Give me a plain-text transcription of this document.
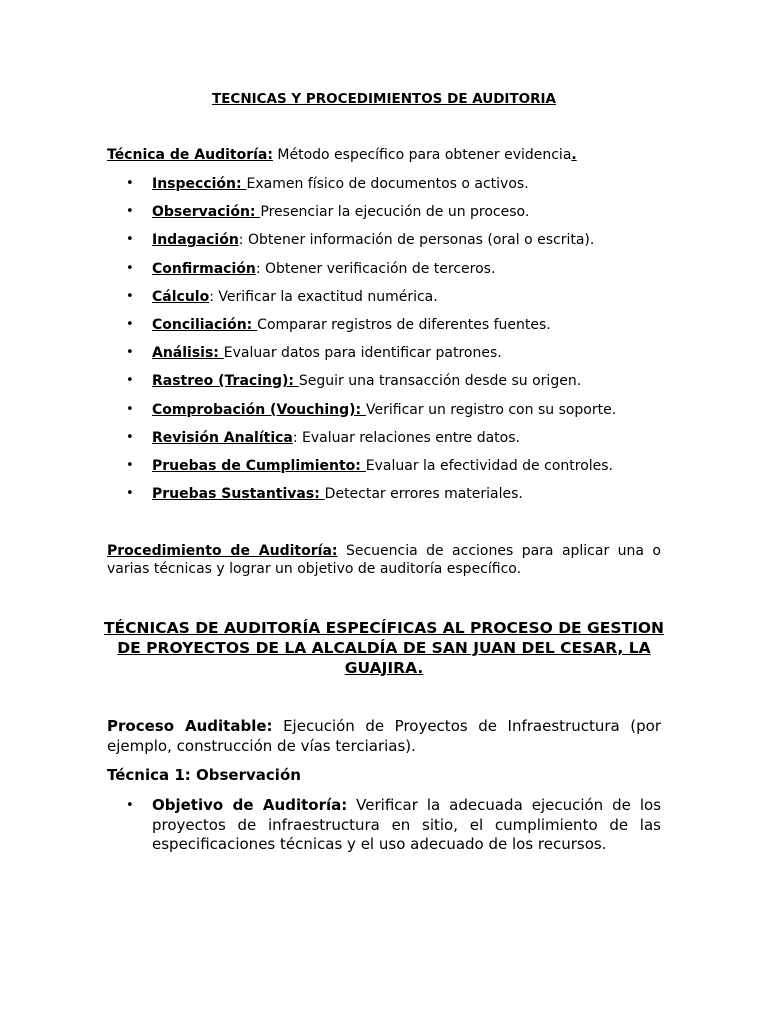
TECNICAS Y PROCEDIMIENTOS DE AUDITORIA

Técnica de Auditoría: Método específico para obtener evidencia.

• Inspección: Examen físico de documentos o activos.
• Observación: Presenciar la ejecución de un proceso.
• Indagación: Obtener información de personas (oral o escrita).
• Confirmación: Obtener verificación de terceros.
• Cálculo: Verificar la exactitud numérica.
• Conciliación: Comparar registros de diferentes fuentes.
• Análisis: Evaluar datos para identificar patrones.
• Rastreo (Tracing): Seguir una transacción desde su origen.
• Comprobación (Vouching): Verificar un registro con su soporte.
• Revisión Analítica: Evaluar relaciones entre datos.
• Pruebas de Cumplimiento: Evaluar la efectividad de controles.
• Pruebas Sustantivas: Detectar errores materiales.

Procedimiento de Auditoría: Secuencia de acciones para aplicar una o varias técnicas y lograr un objetivo de auditoría específico.

TÉCNICAS DE AUDITORÍA ESPECÍFICAS AL PROCESO DE GESTION DE PROYECTOS DE LA ALCALDÍA DE SAN JUAN DEL CESAR, LA GUAJIRA.

Proceso Auditable: Ejecución de Proyectos de Infraestructura (por ejemplo, construcción de vías terciarias).

Técnica 1: Observación
• Objetivo de Auditoría: Verificar la adecuada ejecución de los proyectos de infraestructura en sitio, el cumplimiento de las especificaciones técnicas y el uso adecuado de los recursos.
